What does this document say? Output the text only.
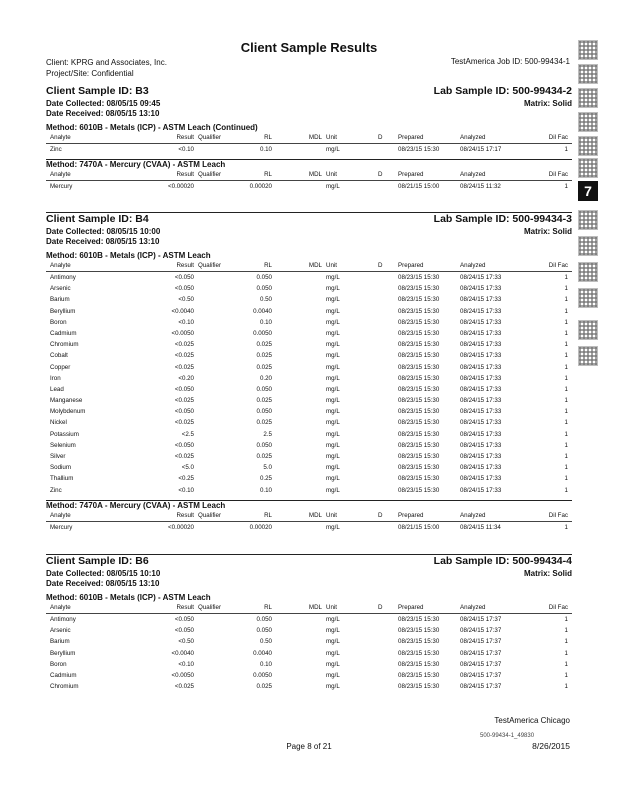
Client Sample Results
Client: KPRG and Associates, Inc.
Project/Site: Confidential
TestAmerica Job ID: 500-99434-1
Client Sample ID: B3	Lab Sample ID: 500-99434-2
Date Collected: 08/05/15 09:45	Matrix: Solid
Date Received: 08/05/15 13:10
Method: 6010B - Metals (ICP) - ASTM Leach (Continued)
Analyte	Result Qualifier	RL	MDL Unit	D	Prepared	Analyzed	Dil Fac
Zinc	<0.10	0.10	mg/L	08/23/15 15:30	08/24/15 17:17	1
Method: 7470A - Mercury (CVAA) - ASTM Leach
Analyte	Result Qualifier	RL	MDL Unit	D	Prepared	Analyzed	Dil Fac
Mercury	<0.00020	0.00020	mg/L	08/21/15 15:00	08/24/15 11:32	1
Client Sample ID: B4	Lab Sample ID: 500-99434-3
Date Collected: 08/05/15 10:00	Matrix: Solid
Date Received: 08/05/15 13:10
Method: 6010B - Metals (ICP) - ASTM Leach
Analyte	Result Qualifier	RL	MDL Unit	D	Prepared	Analyzed	Dil Fac
Antimony	<0.050	0.050	mg/L	08/23/15 15:30	08/24/15 17:33	1
Arsenic	<0.050	0.050	mg/L	08/23/15 15:30	08/24/15 17:33	1
Barium	<0.50	0.50	mg/L	08/23/15 15:30	08/24/15 17:33	1
Beryllium	<0.0040	0.0040	mg/L	08/23/15 15:30	08/24/15 17:33	1
Boron	<0.10	0.10	mg/L	08/23/15 15:30	08/24/15 17:33	1
Cadmium	<0.0050	0.0050	mg/L	08/23/15 15:30	08/24/15 17:33	1
Chromium	<0.025	0.025	mg/L	08/23/15 15:30	08/24/15 17:33	1
Cobalt	<0.025	0.025	mg/L	08/23/15 15:30	08/24/15 17:33	1
Copper	<0.025	0.025	mg/L	08/23/15 15:30	08/24/15 17:33	1
Iron	<0.20	0.20	mg/L	08/23/15 15:30	08/24/15 17:33	1
Lead	<0.050	0.050	mg/L	08/23/15 15:30	08/24/15 17:33	1
Manganese	<0.025	0.025	mg/L	08/23/15 15:30	08/24/15 17:33	1
Molybdenum	<0.050	0.050	mg/L	08/23/15 15:30	08/24/15 17:33	1
Nickel	<0.025	0.025	mg/L	08/23/15 15:30	08/24/15 17:33	1
Potassium	<2.5	2.5	mg/L	08/23/15 15:30	08/24/15 17:33	1
Selenium	<0.050	0.050	mg/L	08/23/15 15:30	08/24/15 17:33	1
Silver	<0.025	0.025	mg/L	08/23/15 15:30	08/24/15 17:33	1
Sodium	<5.0	5.0	mg/L	08/23/15 15:30	08/24/15 17:33	1
Thallium	<0.25	0.25	mg/L	08/23/15 15:30	08/24/15 17:33	1
Zinc	<0.10	0.10	mg/L	08/23/15 15:30	08/24/15 17:33	1
Method: 7470A - Mercury (CVAA) - ASTM Leach
Analyte	Result Qualifier	RL	MDL Unit	D	Prepared	Analyzed	Dil Fac
Mercury	<0.00020	0.00020	mg/L	08/21/15 15:00	08/24/15 11:34	1
Client Sample ID: B6	Lab Sample ID: 500-99434-4
Date Collected: 08/05/15 10:10	Matrix: Solid
Date Received: 08/05/15 13:10
Method: 6010B - Metals (ICP) - ASTM Leach
Analyte	Result Qualifier	RL	MDL Unit	D	Prepared	Analyzed	Dil Fac
Antimony	<0.050	0.050	mg/L	08/23/15 15:30	08/24/15 17:37	1
Arsenic	<0.050	0.050	mg/L	08/23/15 15:30	08/24/15 17:37	1
Barium	<0.50	0.50	mg/L	08/23/15 15:30	08/24/15 17:37	1
Beryllium	<0.0040	0.0040	mg/L	08/23/15 15:30	08/24/15 17:37	1
Boron	<0.10	0.10	mg/L	08/23/15 15:30	08/24/15 17:37	1
Cadmium	<0.0050	0.0050	mg/L	08/23/15 15:30	08/24/15 17:37	1
Chromium	<0.025	0.025	mg/L	08/23/15 15:30	08/24/15 17:37	1
7
TestAmerica Chicago
500-99434-1_49830
Page 8 of 21	8/26/2015
